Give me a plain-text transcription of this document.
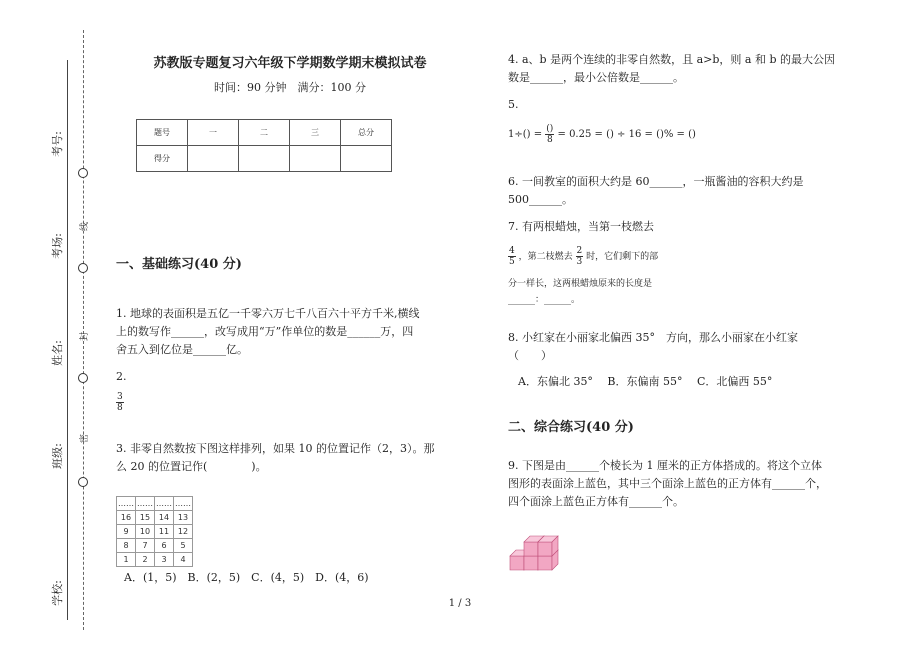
考号:
考场:
姓名:
班级:
学校:
线
封
密
苏教版专题复习六年级下学期数学期末模拟试卷
时间：90 分钟　满分：100 分
题号	一	二	三	总分
得分				
一、基础练习(40 分)
1. 地球的表面积是五亿一千零六万七千八百六十平方千米,横线
上的数写作______，改写成用“万”作单位的数是______万，四
舍五入到亿位是______亿。
2.
$\frac{3}{8}$
3. 非零自然数按下图这样排列，如果 10 的位置记作（2，3）。那
么 20 的位置记作(　　　　)。
……	……	……	……
16	15	14	13
9	10	11	12
8	7	6	5
1	2	3	4
A．(1，5)　B．(2，5)　C．(4，5)　D．(4，6)
4. a、b 是两个连续的非零自然数，且 a>b，则 a 和 b 的最大公因
数是______，最小公倍数是______。
5.
$1\div() = \frac{()}{8} = 0.25$ = () ÷ 16 = ()% = ()
6. 一间教室的面积大约是 60______，一瓶酱油的容积大约是
500______。
7. 有两根蜡烛，当第一枝燃去
$\frac{4}{5}$ ，第二枝燃去 $\frac{2}{3}$ 时，它们剩下的部
分一样长，这两根蜡烛原来的长度是
______：______。
8. 小红家在小丽家北偏西 35°　方向，那么小丽家在小红家
（　　）
A．东偏北 35°　 B．东偏南 55°　 C．北偏西 55°
二、综合练习(40 分)
9. 下图是由______个棱长为 1 厘米的正方体搭成的。将这个立体
图形的表面涂上蓝色，其中三个面涂上蓝色的正方体有______个，
四个面涂上蓝色正方体有______个。
1 / 3
